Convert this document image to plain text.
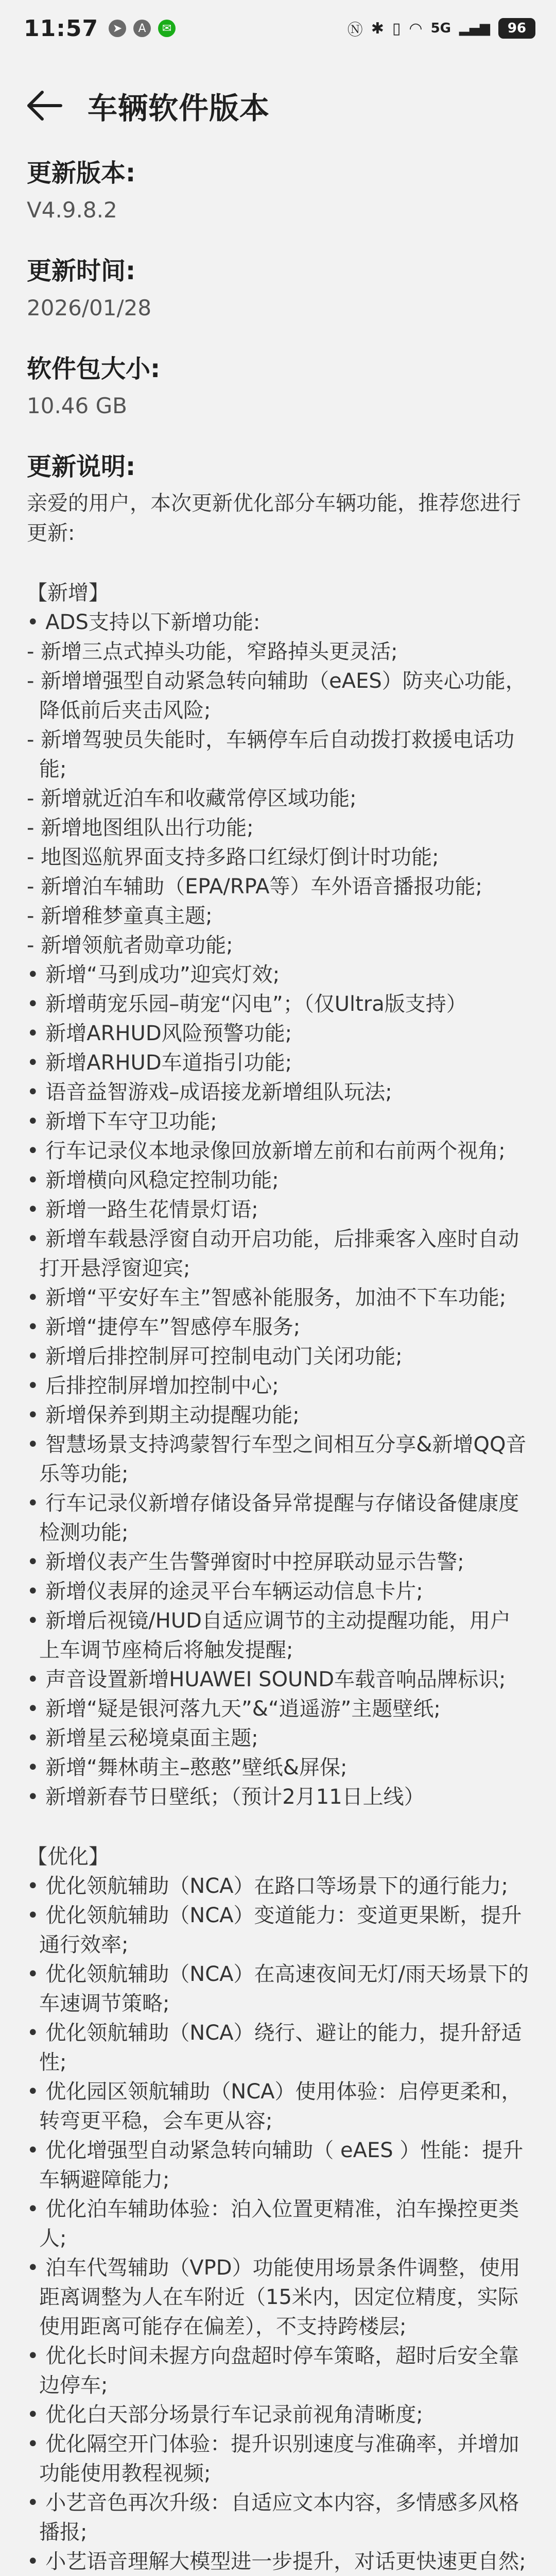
11:57	➤	A	✉	Ⓝ ✱ ▯ ◠ 5G ▂▄▆	96
车辆软件版本
更新版本:
V4.9.8.2
更新时间:
2026/01/28
软件包大小:
10.46 GB
更新说明:
亲爱的用户，本次更新优化部分车辆功能，推荐您进行更新:
【新增】
• ADS支持以下新增功能:
- 新增三点式掉头功能，窄路掉头更灵活;
- 新增增强型自动紧急转向辅助（eAES）防夹心功能，降低前后夹击风险;
- 新增驾驶员失能时，车辆停车后自动拨打救援电话功能;
- 新增就近泊车和收藏常停区域功能;
- 新增地图组队出行功能;
- 地图巡航界面支持多路口红绿灯倒计时功能;
- 新增泊车辅助（EPA/RPA等）车外语音播报功能;
- 新增稚梦童真主题;
- 新增领航者勋章功能;
• 新增“马到成功”迎宾灯效;
• 新增萌宠乐园–萌宠“闪电”；（仅Ultra版支持）
• 新增ARHUD风险预警功能;
• 新增ARHUD车道指引功能;
• 语音益智游戏–成语接龙新增组队玩法;
• 新增下车守卫功能;
• 行车记录仪本地录像回放新增左前和右前两个视角;
• 新增横向风稳定控制功能;
• 新增一路生花情景灯语;
• 新增车载悬浮窗自动开启功能，后排乘客入座时自动打开悬浮窗迎宾;
• 新增“平安好车主”智感补能服务，加油不下车功能;
• 新增“捷停车”智感停车服务;
• 新增后排控制屏可控制电动门关闭功能;
• 后排控制屏增加控制中心;
• 新增保养到期主动提醒功能;
• 智慧场景支持鸿蒙智行车型之间相互分享&新增QQ音乐等功能;
• 行车记录仪新增存储设备异常提醒与存储设备健康度检测功能;
• 新增仪表产生告警弹窗时中控屏联动显示告警;
• 新增仪表屏的途灵平台车辆运动信息卡片;
• 新增后视镜/HUD自适应调节的主动提醒功能，用户上车调节座椅后将触发提醒;
• 声音设置新增HUAWEI SOUND车载音响品牌标识;
• 新增“疑是银河落九天”&“逍遥游”主题壁纸;
• 新增星云秘境桌面主题;
• 新增“舞林萌主–憨憨”壁纸&屏保;
• 新增新春节日壁纸；（预计2月11日上线）
【优化】
• 优化领航辅助（NCA）在路口等场景下的通行能力;
• 优化领航辅助（NCA）变道能力：变道更果断，提升通行效率;
• 优化领航辅助（NCA）在高速夜间无灯/雨天场景下的车速调节策略;
• 优化领航辅助（NCA）绕行、避让的能力，提升舒适性;
• 优化园区领航辅助（NCA）使用体验：启停更柔和，转弯更平稳，会车更从容;
• 优化增强型自动紧急转向辅助（ eAES ）性能：提升车辆避障能力;
• 优化泊车辅助体验：泊入位置更精准，泊车操控更类人;
• 泊车代驾辅助（VPD）功能使用场景条件调整，使用距离调整为人在车附近（15米内，因定位精度，实际使用距离可能存在偏差），不支持跨楼层;
• 优化长时间未握方向盘超时停车策略，超时后安全靠边停车;
• 优化白天部分场景行车记录前视角清晰度;
• 优化隔空开门体验：提升识别速度与准确率，并增加功能使用教程视频;
• 小艺音色再次升级：自适应文本内容，多情感多风格播报;
• 小艺语音理解大模型进一步提升，对话更快速更自然;
